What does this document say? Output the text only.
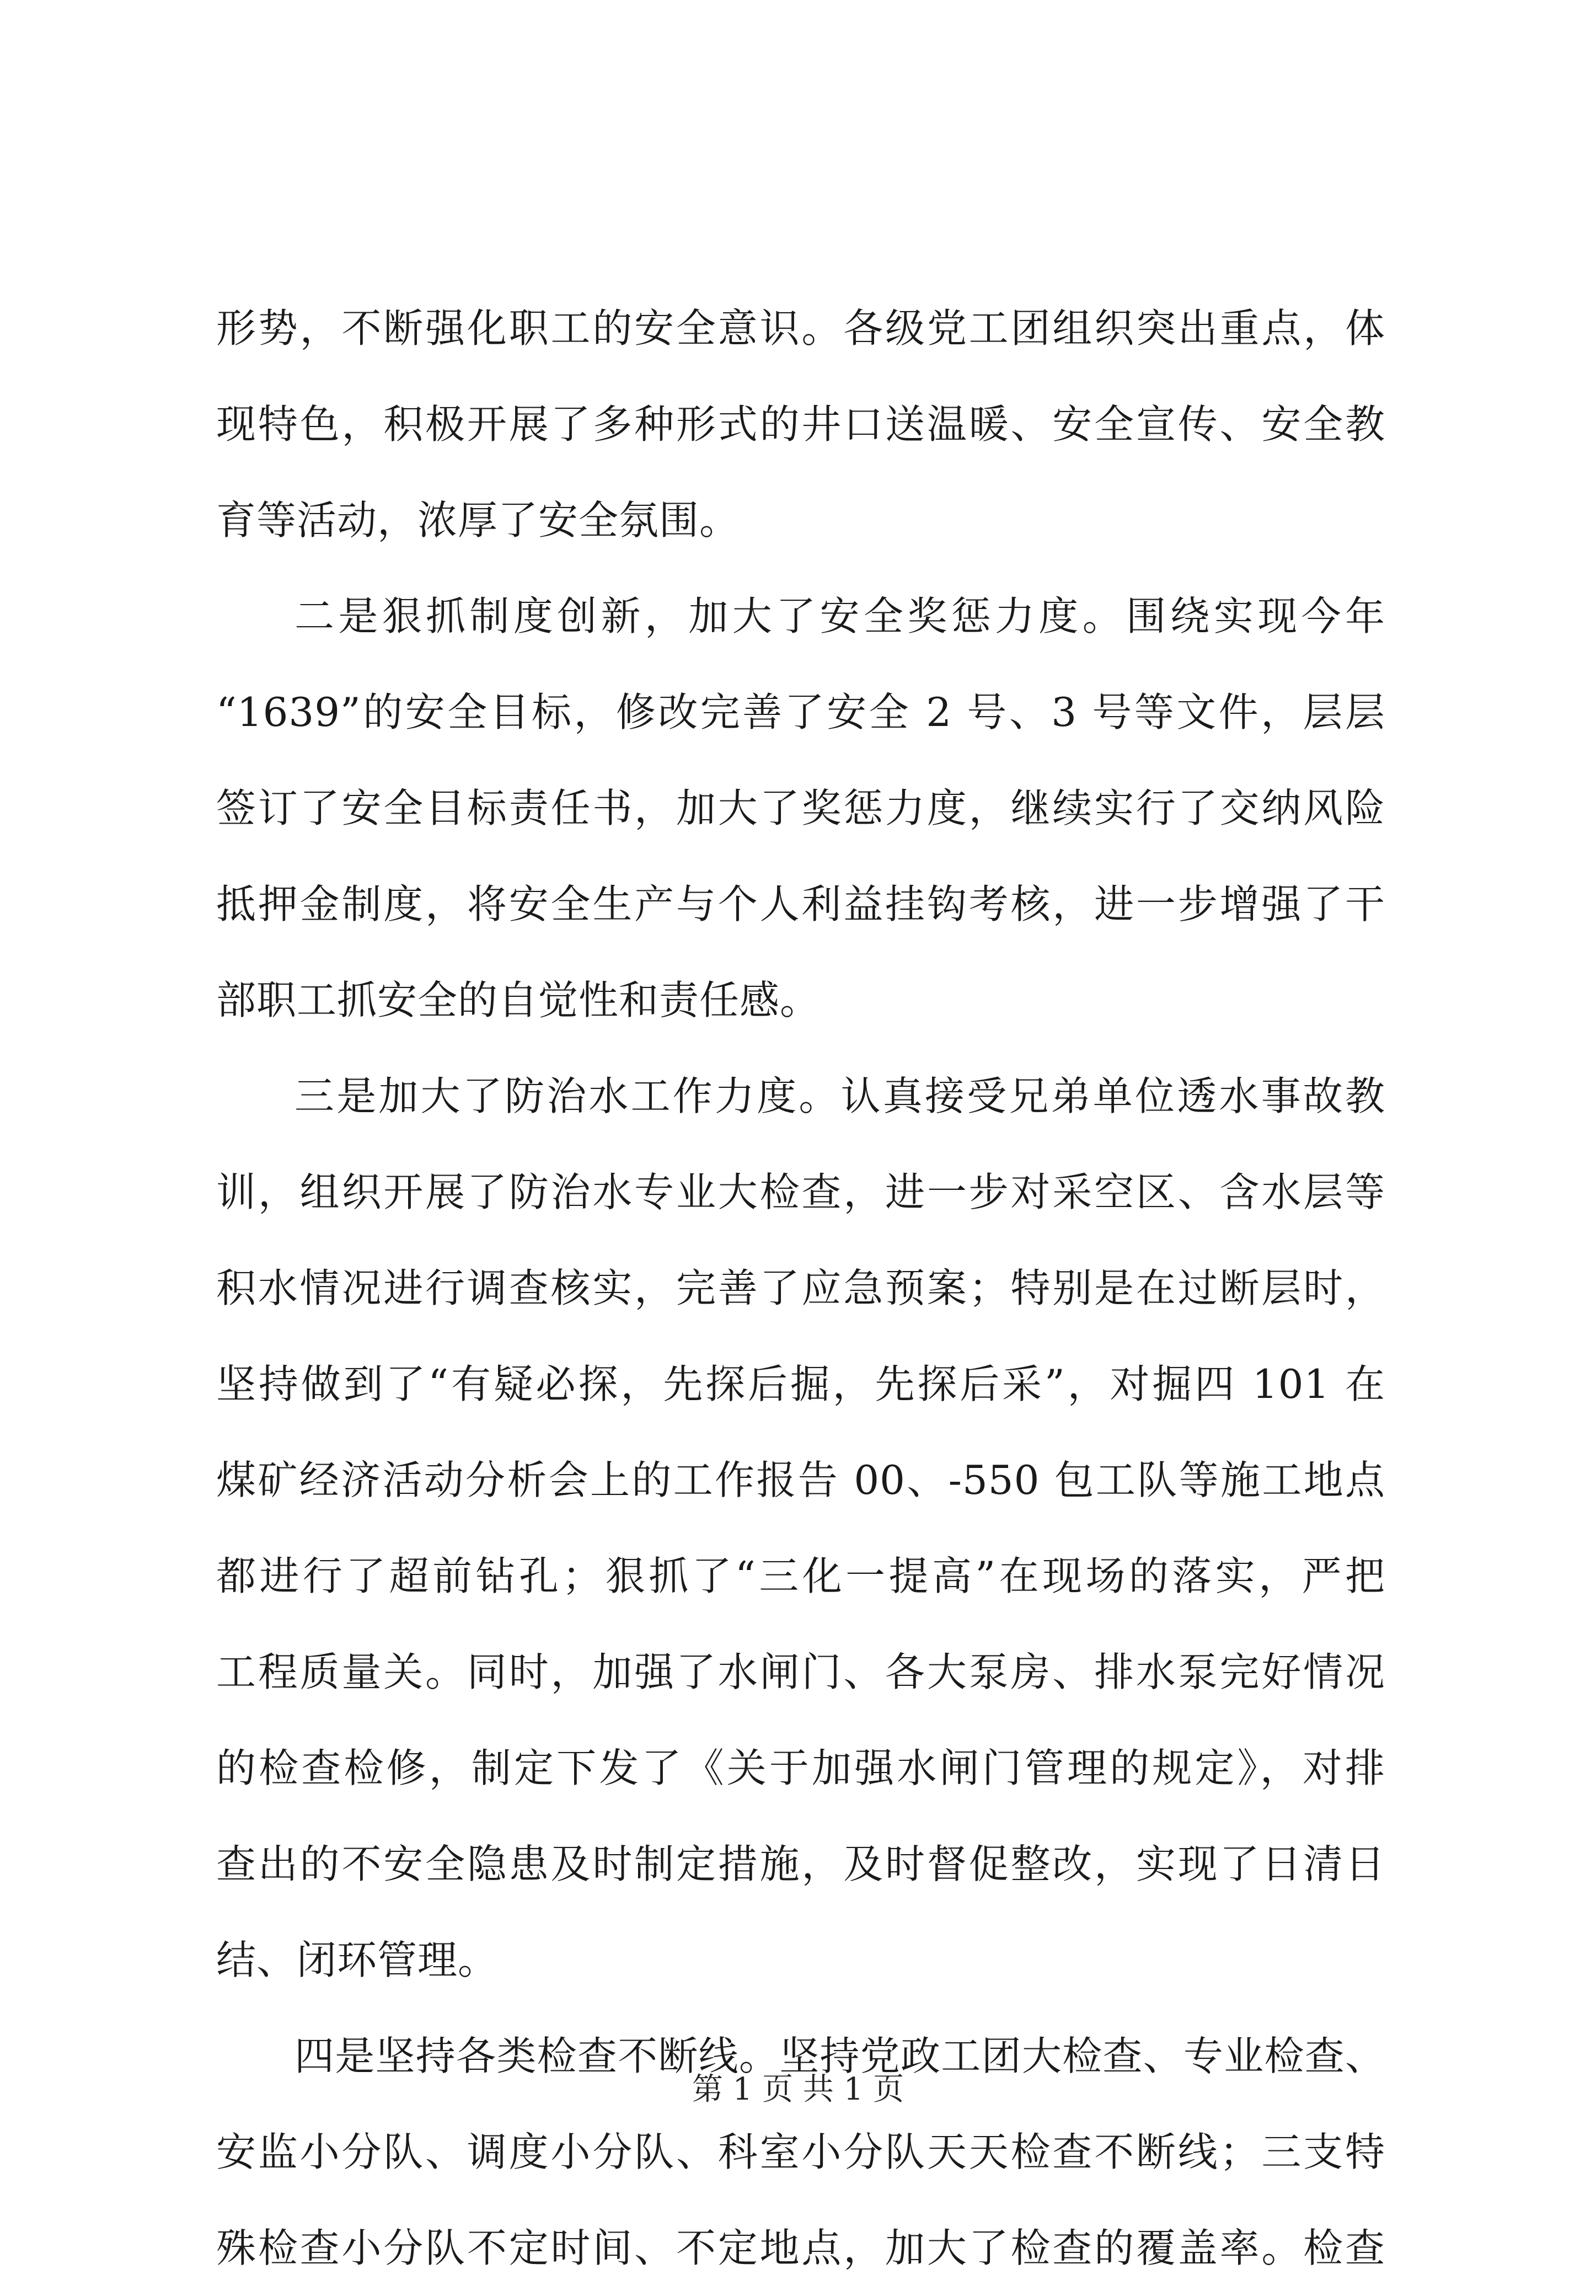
形势，不断强化职工的安全意识。各级党工团组织突出重点，体
现特色，积极开展了多种形式的井口送温暖、安全宣传、安全教
育等活动，浓厚了安全氛围。
二是狠抓制度创新，加大了安全奖惩力度。围绕实现今年
“1639”的安全目标，修改完善了安全 2 号、3 号等文件，层层
签订了安全目标责任书，加大了奖惩力度，继续实行了交纳风险
抵押金制度，将安全生产与个人利益挂钩考核，进一步增强了干
部职工抓安全的自觉性和责任感。
三是加大了防治水工作力度。认真接受兄弟单位透水事故教
训，组织开展了防治水专业大检查，进一步对采空区、含水层等
积水情况进行调查核实，完善了应急预案；特别是在过断层时，
坚持做到了“有疑必探，先探后掘，先探后采”，对掘四 101 在
煤矿经济活动分析会上的工作报告 00、-550 包工队等施工地点
都进行了超前钻孔；狠抓了“三化一提高”在现场的落实，严把
工程质量关。同时，加强了水闸门、各大泵房、排水泵完好情况
的检查检修，制定下发了《关于加强水闸门管理的规定》，对排
查出的不安全隐患及时制定措施，及时督促整改，实现了日清日
结、闭环管理。
四是坚持各类检查不断线。坚持党政工团大检查、专业检查、
安监小分队、调度小分队、科室小分队天天检查不断线；三支特
殊检查小分队不定时间、不定地点，加大了检查的覆盖率。检查
第 1 页 共 1 页
